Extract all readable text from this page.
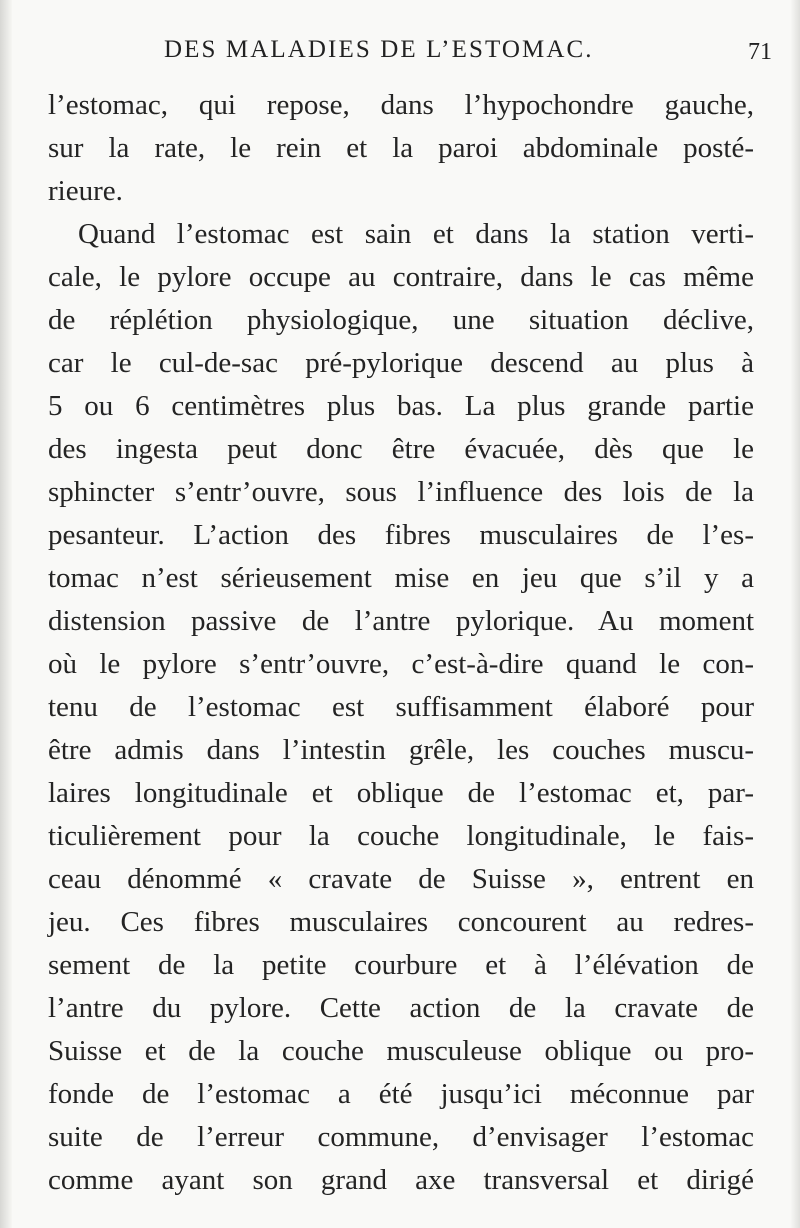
DES MALADIES DE L’ESTOMAC.	71
l’estomac, qui repose, dans l’hypochondre gauche,
sur la rate, le rein et la paroi abdominale posté-
rieure.
Quand l’estomac est sain et dans la station verti-
cale, le pylore occupe au contraire, dans le cas même
de réplétion physiologique, une situation déclive,
car le cul-de-sac pré-pylorique descend au plus à
5 ou 6 centimètres plus bas. La plus grande partie
des ingesta peut donc être évacuée, dès que le
sphincter s’entr’ouvre, sous l’influence des lois de la
pesanteur. L’action des fibres musculaires de l’es-
tomac n’est sérieusement mise en jeu que s’il y a
distension passive de l’antre pylorique. Au moment
où le pylore s’entr’ouvre, c’est-à-dire quand le con-
tenu de l’estomac est suffisamment élaboré pour
être admis dans l’intestin grêle, les couches muscu-
laires longitudinale et oblique de l’estomac et, par-
ticulièrement pour la couche longitudinale, le fais-
ceau dénommé « cravate de Suisse », entrent en
jeu. Ces fibres musculaires concourent au redres-
sement de la petite courbure et à l’élévation de
l’antre du pylore. Cette action de la cravate de
Suisse et de la couche musculeuse oblique ou pro-
fonde de l’estomac a été jusqu’ici méconnue par
suite de l’erreur commune, d’envisager l’estomac
comme ayant son grand axe transversal et dirigé
